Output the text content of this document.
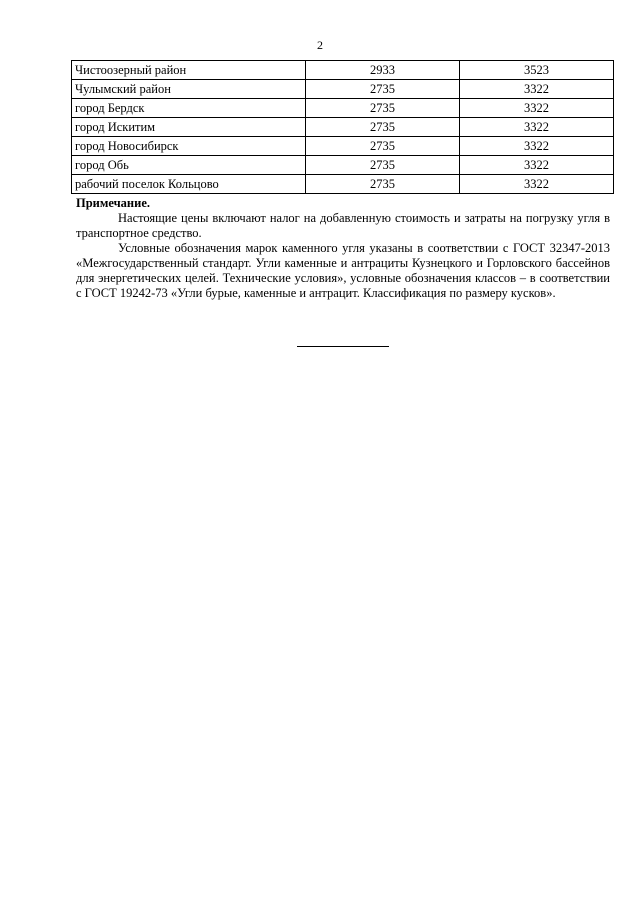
2
Чистоозерный район	2933	3523
Чулымский район	2735	3322
город Бердск	2735	3322
город Искитим	2735	3322
город Новосибирск	2735	3322
город Обь	2735	3322
рабочий поселок Кольцово	2735	3322

Примечание.

Настоящие цены включают налог на добавленную стоимость и затраты на погрузку угля в транспортное средство.

Условные обозначения марок каменного угля указаны в соответствии с ГОСТ 32347-2013 «Межгосударственный стандарт. Угли каменные и антрациты Кузнецкого и Горловского бассейнов для энергетических целей. Технические условия», условные обозначения классов – в соответствии с ГОСТ 19242-73 «Угли бурые, каменные и антрацит. Классификация по размеру кусков».
